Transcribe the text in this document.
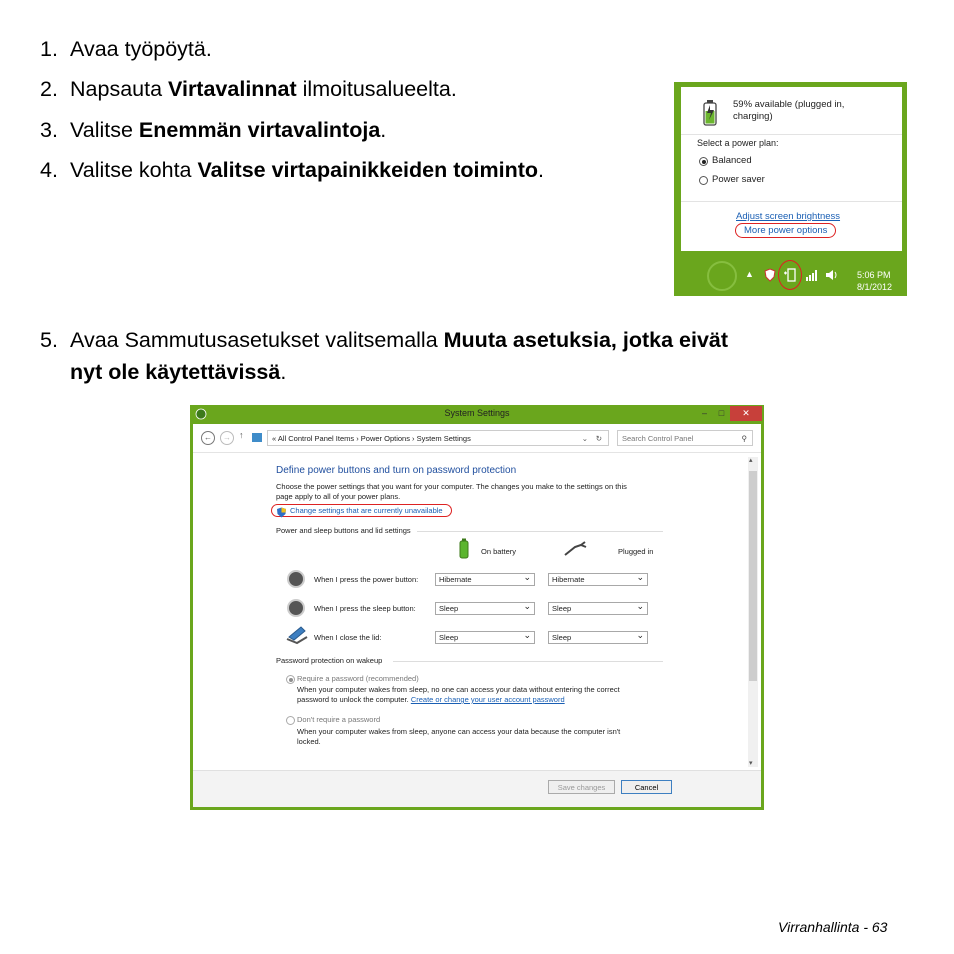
1. Avaa työpöytä.
2. Napsauta Virtavalinnat ilmoitusalueelta.
3. Valitse Enemmän virtavalintoja.
4. Valitse kohta Valitse virtapainikkeiden toiminto.
59% available (plugged in,
charging)
Select a power plan:
Balanced
Power saver
Adjust screen brightness
More power options
▲	5:06 PM
8/1/2012
5. Avaa Sammutusasetukset valitsemalla Muuta asetuksia, jotka eivät
nyt ole käytettävissä.
System Settings	–	□	✕
←	→ ↑	« All Control Panel Items › Power Options › System Settings	⌄ ↻	Search Control Panel	⚲
Define power buttons and turn on password protection
Choose the power settings that you want for your computer. The changes you make to the settings on this
page apply to all of your power plans.
Change settings that are currently unavailable
Power and sleep buttons and lid settings
On battery	Plugged in
When I press the power button:	Hibernate ⌄	Hibernate ⌄
When I press the sleep button:	Sleep ⌄	Sleep ⌄
When I close the lid:	Sleep ⌄	Sleep ⌄
Password protection on wakeup
Require a password (recommended)
When your computer wakes from sleep, no one can access your data without entering the correct
password to unlock the computer. Create or change your user account password
Don't require a password
When your computer wakes from sleep, anyone can access your data because the computer isn't
locked.
▴
▾
Save changes	Cancel
Virranhallinta - 63
